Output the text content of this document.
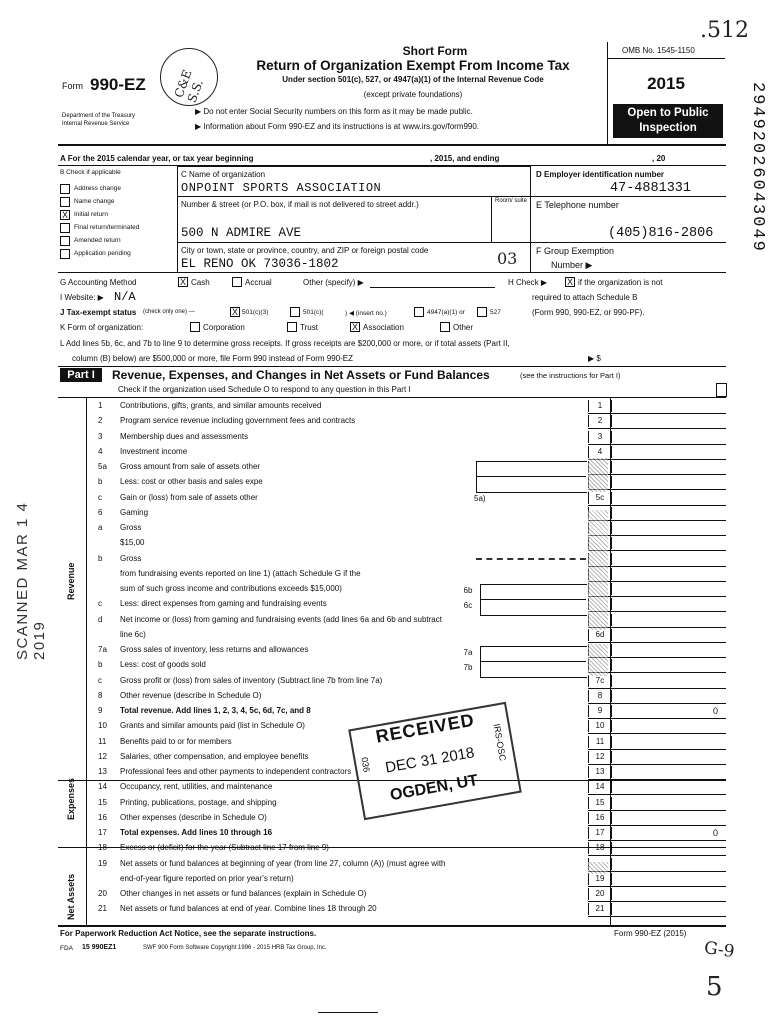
.512
29492026043049
Form 990-EZ
Department of the Treasury
Internal Revenue Service
C&E S.S.
Short Form
Return of Organization Exempt From Income Tax
Under section 501(c), 527, or 4947(a)(1) of the Internal Revenue Code
(except private foundations)
▶ Do not enter Social Security numbers on this form as it may be made public.
▶ Information about Form 990-EZ and its instructions is at www.irs.gov/form990.
OMB No. 1545-1150
2015
Open to Public
Inspection
A For the 2015 calendar year, or tax year beginning	, 2015, and ending	, 20
B Check if applicable
Address change
Name change
X Initial return
Final return/terminated
Amended return
Application pending
C Name of organization
ONPOINT SPORTS ASSOCIATION
Number & street (or P.O. box, if mail is not delivered to street addr.)	Room/ suite
500 N ADMIRE AVE
City or town, state or province, country, and ZIP or foreign postal code
EL RENO OK 73036-1802	03
D Employer identification number
47-4881331
E Telephone number
(405)816-2806
F Group Exemption
Number ▶
G Accounting Method	X Cash	Accrual	Other (specify) ▶	H Check ▶ X if the organization is not
required to attach Schedule B
(Form 990, 990-EZ, or 990-PF).
I Website: ▶ N/A
J Tax-exempt status (check only one) —	X 501(c)(3)	501(c)(	) ◀ (insert no.)	4947(a)(1) or	527
K Form of organization:	Corporation	Trust	X Association	Other
L Add lines 5b, 6c, and 7b to line 9 to determine gross receipts. If gross receipts are $200,000 or more, or if total assets (Part II,
column (B) below) are $500,000 or more, file Form 990 instead of Form 990-EZ	▶ $
Part I	Revenue, Expenses, and Changes in Net Assets or Fund Balances	(see the instructions for Part I)
Check if the organization used Schedule O to respond to any question in this Part I
Revenue
Expenses
Net Assets
1	Contributions, gifts, grants, and similar amounts received	1
2	Program service revenue including government fees and contracts	2
3	Membership dues and assessments	3
4	Investment income	4
5a	Gross amount from sale of assets other
b	Less: cost or other basis and sales expe
c	Gain or (loss) from sale of assets other	5c
6	Gaming
a	Gross
$15,00
b	Gross
from fundraising events reported on line 1) (attach Schedule G if the
sum of such gross income and contributions exceeds $15,000)
c	Less: direct expenses from gaming and fundraising events
d	Net income or (loss) from gaming and fundraising events (add lines 6a and 6b and subtract
line 6c)	6d
7a	Gross sales of inventory, less returns and allowances
b	Less: cost of goods sold
c	Gross profit or (loss) from sales of inventory (Subtract line 7b from line 7a)	7c
8	Other revenue (describe in Schedule O)	8
9	Total revenue. Add lines 1, 2, 3, 4, 5c, 6d, 7c, and 8	9	0
10	Grants and similar amounts paid (list in Schedule O)	10
11	Benefits paid to or for members	11
12	Salaries, other compensation, and employee benefits	12
13	Professional fees and other payments to independent contractors	13
14	Occupancy, rent, utilities, and maintenance	14
15	Printing, publications, postage, and shipping	15
16	Other expenses (describe in Schedule O)	16
17	Total expenses. Add lines 10 through 16	17	0
18	Excess or (deficit) for the year (Subtract line 17 from line 9)	18
19	Net assets or fund balances at beginning of year (from line 27, column (A)) (must agree with
end-of-year figure reported on prior year's return)	19
20	Other changes in net assets or fund balances (explain in Schedule O)	20
21	Net assets or fund balances at end of year. Combine lines 18 through 20	21
5a)
6b
6c
7a
7b
RECEIVED
DEC 31 2018
OGDEN, UT
036
IRS-OSC
SCANNED MAR 1 4 2019
For Paperwork Reduction Act Notice, see the separate instructions.	Form 990-EZ (2015)
FDA 15 990EZ1	SWF 900 Form Software Copyright 1996 - 2015 HRB Tax Group, Inc.	G-9
5
